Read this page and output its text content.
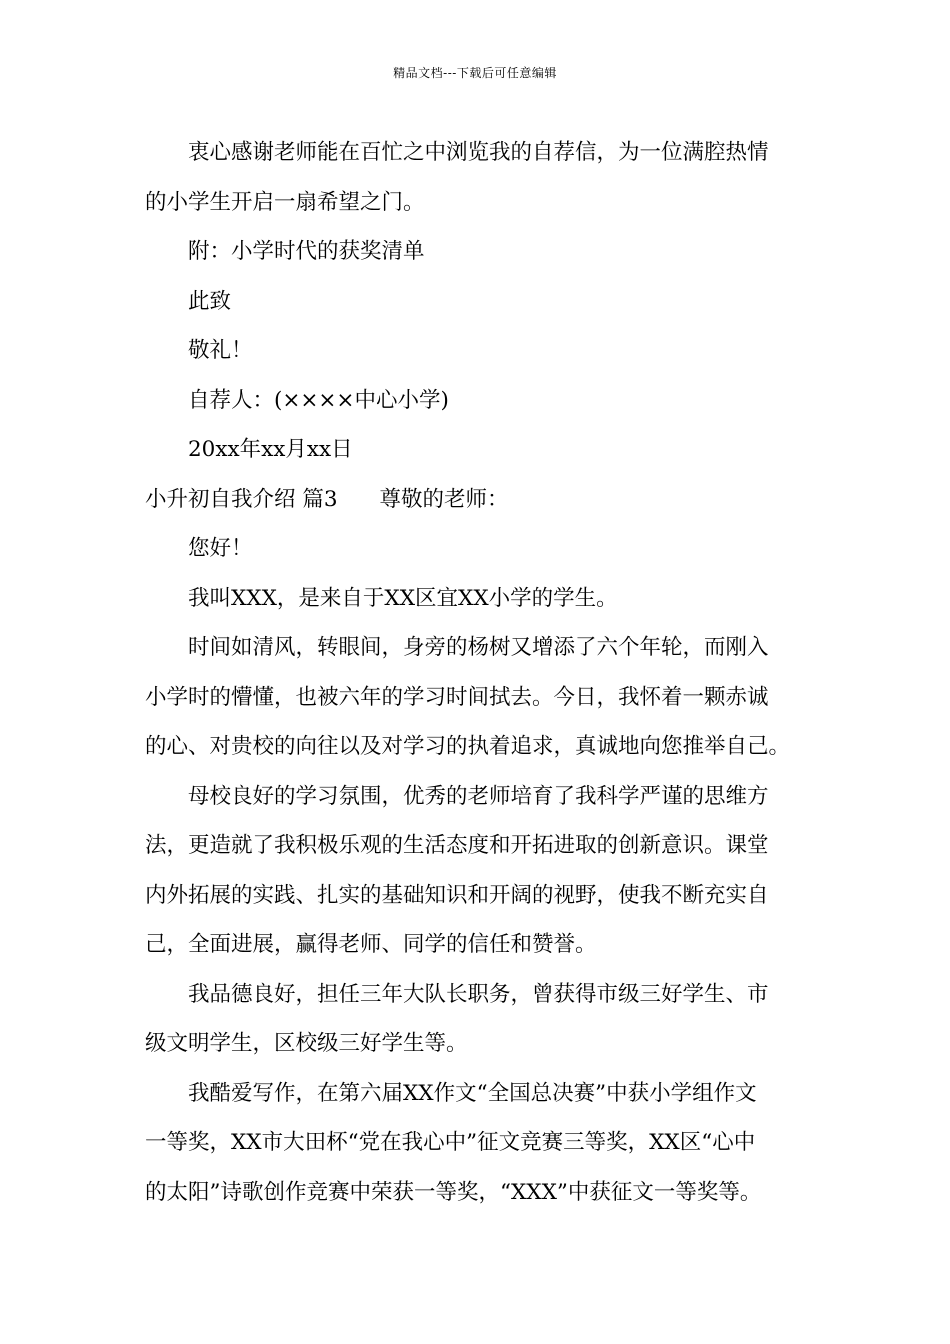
精品文档---下载后可任意编辑
衷心感谢老师能在百忙之中浏览我的自荐信，为一位满腔热情
的小学生开启一扇希望之门。
附：小学时代的获奖清单
此致
敬礼！
自荐人：(××××中心小学)
20xx年xx月xx日
小升初自我介绍 篇3 尊敬的老师：
您好！
我叫XXX，是来自于XX区宜XX小学的学生。
时间如清风，转眼间，身旁的杨树又增添了六个年轮，而刚入
小学时的懵懂，也被六年的学习时间拭去。今日，我怀着一颗赤诚
的心、对贵校的向往以及对学习的执着追求，真诚地向您推举自己。
母校良好的学习氛围，优秀的老师培育了我科学严谨的思维方
法，更造就了我积极乐观的生活态度和开拓进取的创新意识。课堂
内外拓展的实践、扎实的基础知识和开阔的视野，使我不断充实自
己，全面进展，赢得老师、同学的信任和赞誉。
我品德良好，担任三年大队长职务，曾获得市级三好学生、市
级文明学生，区校级三好学生等。
我酷爱写作，在第六届XX作文“全国总决赛”中获小学组作文
一等奖，XX市大田杯“党在我心中”征文竞赛三等奖，XX区“心中
的太阳”诗歌创作竞赛中荣获一等奖，“XXX”中获征文一等奖等。
